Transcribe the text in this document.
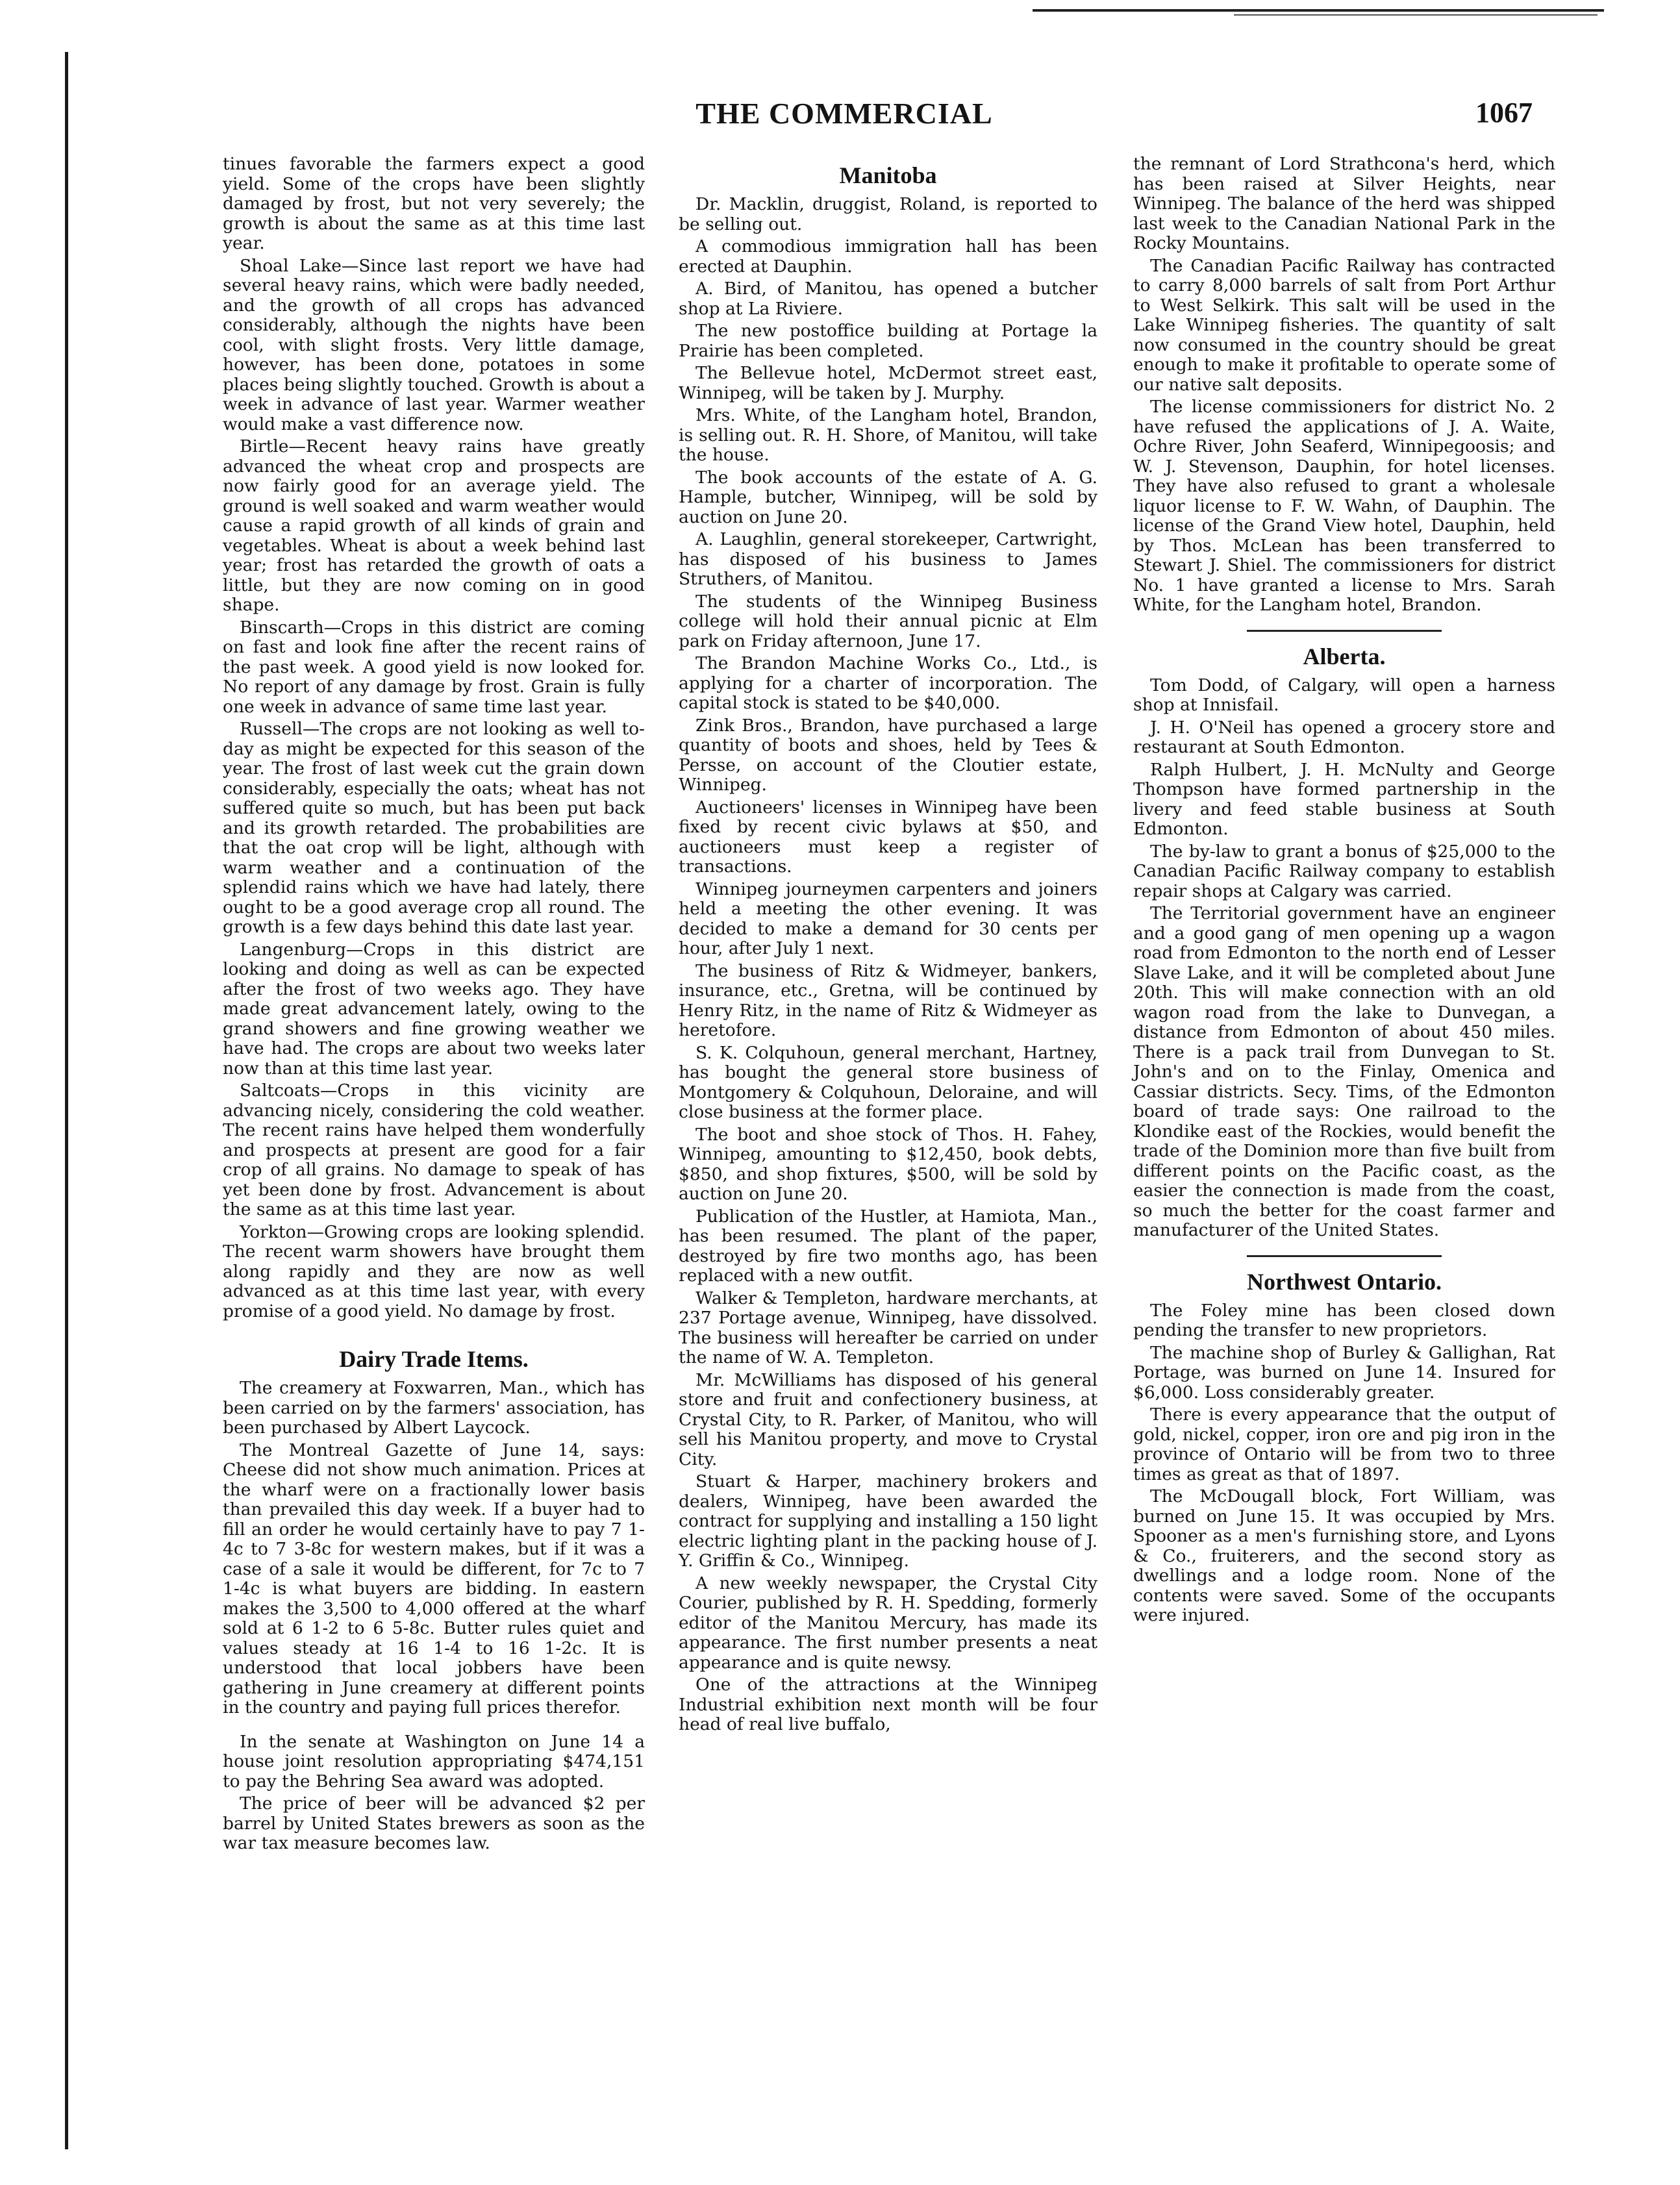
THE COMMERCIAL	1067

tinues favorable the farmers expect a good yield. Some of the crops have been slightly damaged by frost, but not very severely; the growth is about the same as at this time last year.

Shoal Lake—Since last report we have had several heavy rains, which were badly needed, and the growth of all crops has advanced considerably, although the nights have been cool, with slight frosts. Very little damage, however, has been done, potatoes in some places being slightly touched. Growth is about a week in advance of last year. Warmer weather would make a vast difference now.

Birtle—Recent heavy rains have greatly advanced the wheat crop and prospects are now fairly good for an average yield. The ground is well soaked and warm weather would cause a rapid growth of all kinds of grain and vegetables. Wheat is about a week behind last year; frost has retarded the growth of oats a little, but they are now coming on in good shape.

Binscarth—Crops in this district are coming on fast and look fine after the recent rains of the past week. A good yield is now looked for. No report of any damage by frost. Grain is fully one week in advance of same time last year.

Russell—The crops are not looking as well to-day as might be expected for this season of the year. The frost of last week cut the grain down considerably, especially the oats; wheat has not suffered quite so much, but has been put back and its growth retarded. The probabilities are that the oat crop will be light, although with warm weather and a continuation of the splendid rains which we have had lately, there ought to be a good average crop all round. The growth is a few days behind this date last year.

Langenburg—Crops in this district are looking and doing as well as can be expected after the frost of two weeks ago. They have made great advancement lately, owing to the grand showers and fine growing weather we have had. The crops are about two weeks later now than at this time last year.

Saltcoats—Crops in this vicinity are advancing nicely, considering the cold weather. The recent rains have helped them wonderfully and prospects at present are good for a fair crop of all grains. No damage to speak of has yet been done by frost. Advancement is about the same as at this time last year.

Yorkton—Growing crops are looking splendid. The recent warm showers have brought them along rapidly and they are now as well advanced as at this time last year, with every promise of a good yield. No damage by frost.

Dairy Trade Items.

The creamery at Foxwarren, Man., which has been carried on by the farmers' association, has been purchased by Albert Laycock.

The Montreal Gazette of June 14, says: Cheese did not show much animation. Prices at the wharf were on a fractionally lower basis than prevailed this day week. If a buyer had to fill an order he would certainly have to pay 7 1-4c to 7 3-8c for western makes, but if it was a case of a sale it would be different, for 7c to 7 1-4c is what buyers are bidding. In eastern makes the 3,500 to 4,000 offered at the wharf sold at 6 1-2 to 6 5-8c. Butter rules quiet and values steady at 16 1-4 to 16 1-2c. It is understood that local jobbers have been gathering in June creamery at different points in the country and paying full prices therefor.

In the senate at Washington on June 14 a house joint resolution appropriating $474,151 to pay the Behring Sea award was adopted.

The price of beer will be advanced $2 per barrel by United States brewers as soon as the war tax measure becomes law.

Manitoba

Dr. Macklin, druggist, Roland, is reported to be selling out.

A commodious immigration hall has been erected at Dauphin.

A. Bird, of Manitou, has opened a butcher shop at La Riviere.

The new postoffice building at Portage la Prairie has been completed.

The Bellevue hotel, McDermot street east, Winnipeg, will be taken by J. Murphy.

Mrs. White, of the Langham hotel, Brandon, is selling out. R. H. Shore, of Manitou, will take the house.

The book accounts of the estate of A. G. Hample, butcher, Winnipeg, will be sold by auction on June 20.

A. Laughlin, general storekeeper, Cartwright, has disposed of his business to James Struthers, of Manitou.

The students of the Winnipeg Business college will hold their annual picnic at Elm park on Friday afternoon, June 17.

The Brandon Machine Works Co., Ltd., is applying for a charter of incorporation. The capital stock is stated to be $40,000.

Zink Bros., Brandon, have purchased a large quantity of boots and shoes, held by Tees & Persse, on account of the Cloutier estate, Winnipeg.

Auctioneers' licenses in Winnipeg have been fixed by recent civic bylaws at $50, and auctioneers must keep a register of transactions.

Winnipeg journeymen carpenters and joiners held a meeting the other evening. It was decided to make a demand for 30 cents per hour, after July 1 next.

The business of Ritz & Widmeyer, bankers, insurance, etc., Gretna, will be continued by Henry Ritz, in the name of Ritz & Widmeyer as heretofore.

S. K. Colquhoun, general merchant, Hartney, has bought the general store business of Montgomery & Colquhoun, Deloraine, and will close business at the former place.

The boot and shoe stock of Thos. H. Fahey, Winnipeg, amounting to $12,450, book debts, $850, and shop fixtures, $500, will be sold by auction on June 20.

Publication of the Hustler, at Hamiota, Man., has been resumed. The plant of the paper, destroyed by fire two months ago, has been replaced with a new outfit.

Walker & Templeton, hardware merchants, at 237 Portage avenue, Winnipeg, have dissolved. The business will hereafter be carried on under the name of W. A. Templeton.

Mr. McWilliams has disposed of his general store and fruit and confectionery business, at Crystal City, to R. Parker, of Manitou, who will sell his Manitou property, and move to Crystal City.

Stuart & Harper, machinery brokers and dealers, Winnipeg, have been awarded the contract for supplying and installing a 150 light electric lighting plant in the packing house of J. Y. Griffin & Co., Winnipeg.

A new weekly newspaper, the Crystal City Courier, published by R. H. Spedding, formerly editor of the Manitou Mercury, has made its appearance. The first number presents a neat appearance and is quite newsy.

One of the attractions at the Winnipeg Industrial exhibition next month will be four head of real live buffalo,

the remnant of Lord Strathcona's herd, which has been raised at Silver Heights, near Winnipeg. The balance of the herd was shipped last week to the Canadian National Park in the Rocky Mountains.

The Canadian Pacific Railway has contracted to carry 8,000 barrels of salt from Port Arthur to West Selkirk. This salt will be used in the Lake Winnipeg fisheries. The quantity of salt now consumed in the country should be great enough to make it profitable to operate some of our native salt deposits.

The license commissioners for district No. 2 have refused the applications of J. A. Waite, Ochre River, John Seaferd, Winnipegoosis; and W. J. Stevenson, Dauphin, for hotel licenses. They have also refused to grant a wholesale liquor license to F. W. Wahn, of Dauphin. The license of the Grand View hotel, Dauphin, held by Thos. McLean has been transferred to Stewart J. Shiel. The commissioners for district No. 1 have granted a license to Mrs. Sarah White, for the Langham hotel, Brandon.

Alberta.

Tom Dodd, of Calgary, will open a harness shop at Innisfail.

J. H. O'Neil has opened a grocery store and restaurant at South Edmonton.

Ralph Hulbert, J. H. McNulty and George Thompson have formed partnership in the livery and feed stable business at South Edmonton.

The by-law to grant a bonus of $25,000 to the Canadian Pacific Railway company to establish repair shops at Calgary was carried.

The Territorial government have an engineer and a good gang of men opening up a wagon road from Edmonton to the north end of Lesser Slave Lake, and it will be completed about June 20th. This will make connection with an old wagon road from the lake to Dunvegan, a distance from Edmonton of about 450 miles. There is a pack trail from Dunvegan to St. John's and on to the Finlay, Omenica and Cassiar districts. Secy. Tims, of the Edmonton board of trade says: One railroad to the Klondike east of the Rockies, would benefit the trade of the Dominion more than five built from different points on the Pacific coast, as the easier the connection is made from the coast, so much the better for the coast farmer and manufacturer of the United States.

Northwest Ontario.

The Foley mine has been closed down pending the transfer to new proprietors.

The machine shop of Burley & Gallighan, Rat Portage, was burned on June 14. Insured for $6,000. Loss considerably greater.

There is every appearance that the output of gold, nickel, copper, iron ore and pig iron in the province of Ontario will be from two to three times as great as that of 1897.

The McDougall block, Fort William, was burned on June 15. It was occupied by Mrs. Spooner as a men's furnishing store, and Lyons & Co., fruiterers, and the second story as dwellings and a lodge room. None of the contents were saved. Some of the occupants were injured.
